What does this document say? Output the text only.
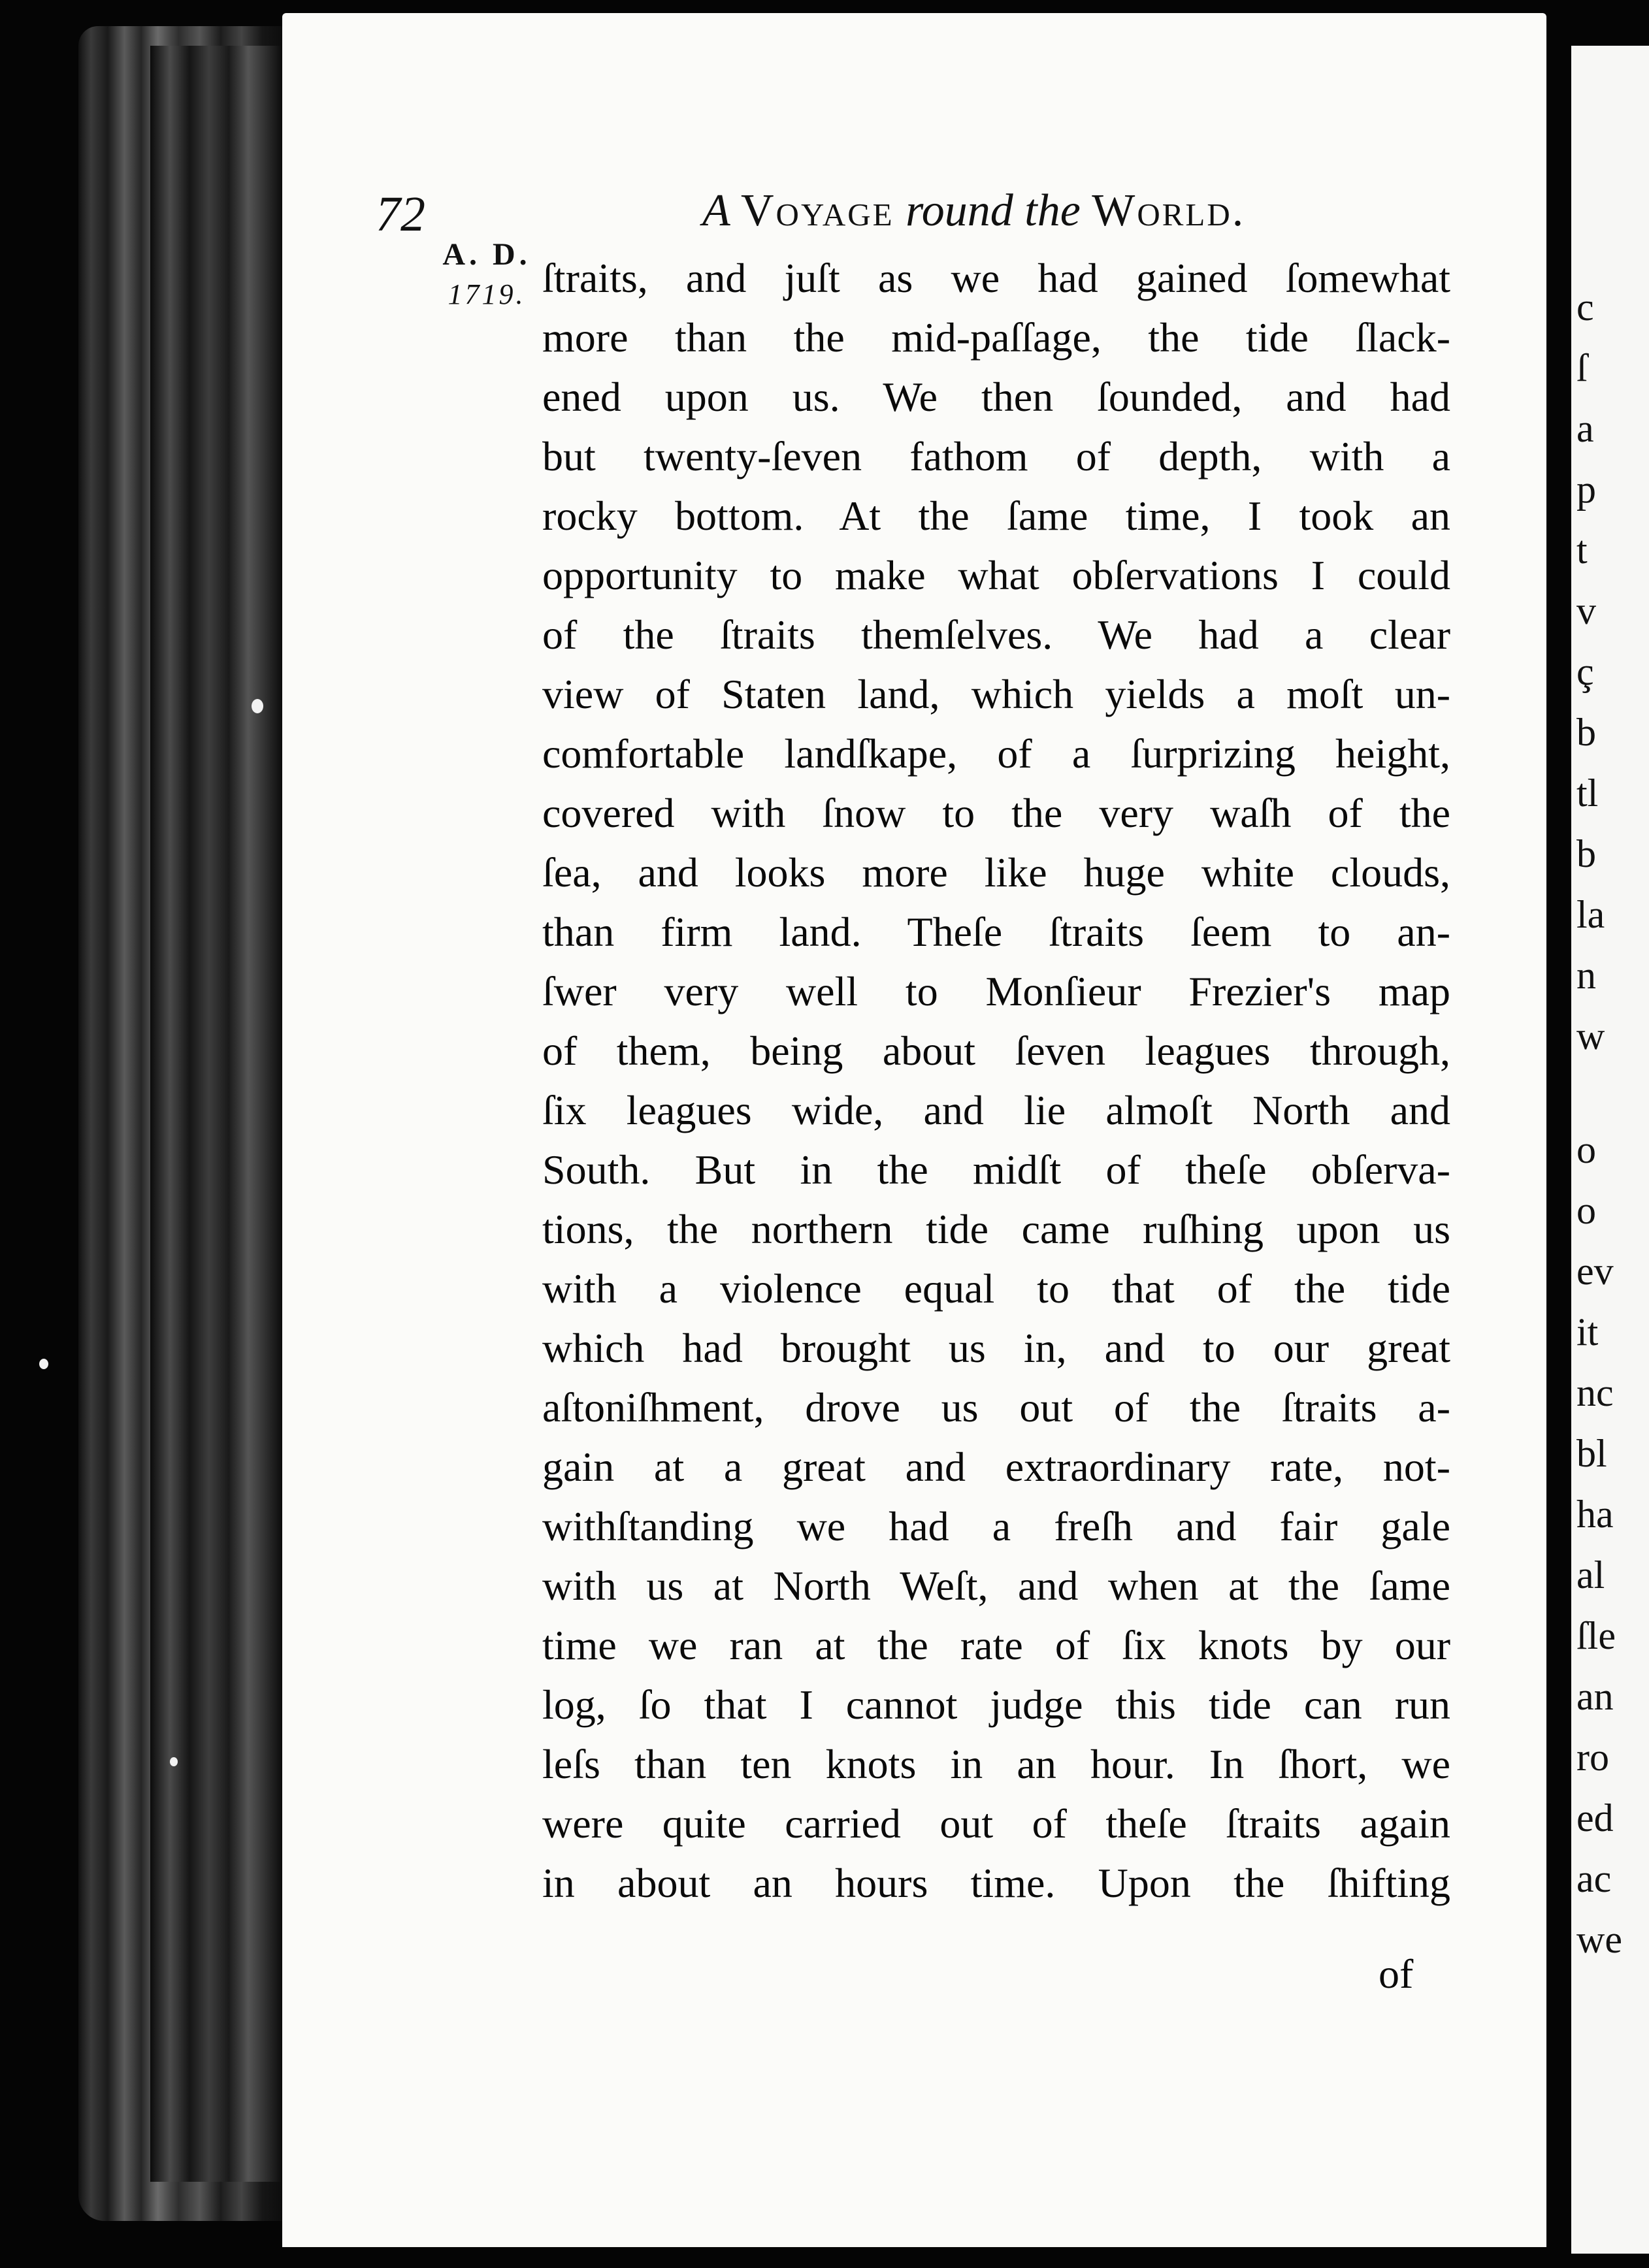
c
ſ
a
p
t
v
ç
b
tl
b
la
n
w
o
o
ev
it
nc
bl
ha
al
ſle
an
ro
ed
ac
we
72	A Voyage round the World.
A. D.
1719. ſtraits, and juſt as we had gained ſomewhat
more than the mid-paſſage, the tide ſlack-
ened upon us. We then ſounded, and had
but twenty-ſeven fathom of depth, with a
rocky bottom. At the ſame time, I took an
opportunity to make what obſervations I could
of the ſtraits themſelves. We had a clear
view of Staten land, which yields a moſt un-
comfortable landſkape, of a ſurprizing height,
covered with ſnow to the very waſh of the
ſea, and looks more like huge white clouds,
than firm land. Theſe ſtraits ſeem to an-
ſwer very well to Monſieur Frezier's map
of them, being about ſeven leagues through,
ſix leagues wide, and lie almoſt North and
South. But in the midſt of theſe obſerva-
tions, the northern tide came ruſhing upon us
with a violence equal to that of the tide
which had brought us in, and to our great
aſtoniſhment, drove us out of the ſtraits a-
gain at a great and extraordinary rate, not-
withſtanding we had a freſh and fair gale
with us at North Weſt, and when at the ſame
time we ran at the rate of ſix knots by our
log, ſo that I cannot judge this tide can run
leſs than ten knots in an hour. In ſhort, we
were quite carried out of theſe ſtraits again
in about an hours time. Upon the ſhifting
of
